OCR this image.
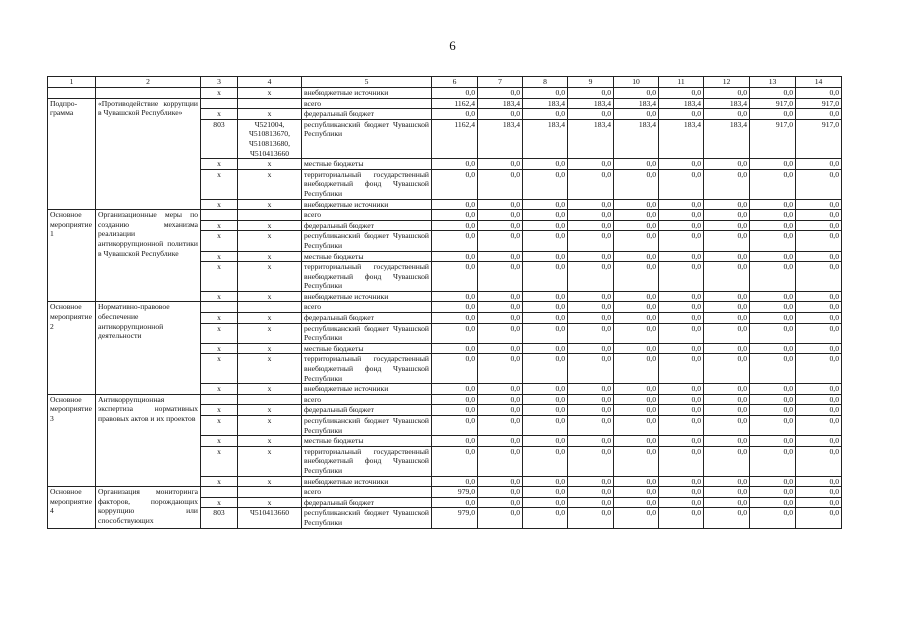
6
1	2	3	4	5	6	7	8	9	10	11	12	13	14
		x	x	внебюджетные источники	0,0	0,0	0,0	0,0	0,0	0,0	0,0	0,0	0,0
Подпро-грамма	«Противодействие коррупции в Чувашской Республике»			всего	1162,4	183,4	183,4	183,4	183,4	183,4	183,4	917,0	917,0
		x	x	федеральный бюджет	0,0	0,0	0,0	0,0	0,0	0,0	0,0	0,0	0,0
		803	Ч521004, Ч510813670, Ч510813680, Ч510413660	республиканский бюджет Чувашской Республики	1162,4	183,4	183,4	183,4	183,4	183,4	183,4	917,0	917,0
		x	x	местные бюджеты	0,0	0,0	0,0	0,0	0,0	0,0	0,0	0,0	0,0
		x	x	территориальный государственный внебюджетный фонд Чувашской Республики	0,0	0,0	0,0	0,0	0,0	0,0	0,0	0,0	0,0
		x	x	внебюджетные источники	0,0	0,0	0,0	0,0	0,0	0,0	0,0	0,0	0,0
Основное мероприятие 1	Организационные меры по созданию механизма реализации антикоррупционной политики в Чувашской Республике			всего	0,0	0,0	0,0	0,0	0,0	0,0	0,0	0,0	0,0
		x	x	федеральный бюджет	0,0	0,0	0,0	0,0	0,0	0,0	0,0	0,0	0,0
		x	x	республиканский бюджет Чувашской Республики	0,0	0,0	0,0	0,0	0,0	0,0	0,0	0,0	0,0
		x	x	местные бюджеты	0,0	0,0	0,0	0,0	0,0	0,0	0,0	0,0	0,0
		x	x	территориальный государственный внебюджетный фонд Чувашской Республики	0,0	0,0	0,0	0,0	0,0	0,0	0,0	0,0	0,0
		x	x	внебюджетные источники	0,0	0,0	0,0	0,0	0,0	0,0	0,0	0,0	0,0
Основное мероприятие 2	Нормативно-правовое обеспечение антикоррупционной деятельности			всего	0,0	0,0	0,0	0,0	0,0	0,0	0,0	0,0	0,0
		x	x	федеральный бюджет	0,0	0,0	0,0	0,0	0,0	0,0	0,0	0,0	0,0
		x	x	республиканский бюджет Чувашской Республики	0,0	0,0	0,0	0,0	0,0	0,0	0,0	0,0	0,0
		x	x	местные бюджеты	0,0	0,0	0,0	0,0	0,0	0,0	0,0	0,0	0,0
		x	x	территориальный государственный внебюджетный фонд Чувашской Республики	0,0	0,0	0,0	0,0	0,0	0,0	0,0	0,0	0,0
		x	x	внебюджетные источники	0,0	0,0	0,0	0,0	0,0	0,0	0,0	0,0	0,0
Основное мероприятие 3	Антикоррупционная экспертиза нормативных правовых актов и их проектов			всего	0,0	0,0	0,0	0,0	0,0	0,0	0,0	0,0	0,0
		x	x	федеральный бюджет	0,0	0,0	0,0	0,0	0,0	0,0	0,0	0,0	0,0
		x	x	республиканский бюджет Чувашской Республики	0,0	0,0	0,0	0,0	0,0	0,0	0,0	0,0	0,0
		x	x	местные бюджеты	0,0	0,0	0,0	0,0	0,0	0,0	0,0	0,0	0,0
		x	x	территориальный государственный внебюджетный фонд Чувашской Республики	0,0	0,0	0,0	0,0	0,0	0,0	0,0	0,0	0,0
		x	x	внебюджетные источники	0,0	0,0	0,0	0,0	0,0	0,0	0,0	0,0	0,0
Основное мероприятие 4	Организация мониторинга факторов, порождающих коррупцию или способствующих			всего	979,0	0,0	0,0	0,0	0,0	0,0	0,0	0,0	0,0
		x	x	федеральный бюджет	0,0	0,0	0,0	0,0	0,0	0,0	0,0	0,0	0,0
		803	Ч510413660	республиканский бюджет Чувашской Республики	979,0	0,0	0,0	0,0	0,0	0,0	0,0	0,0	0,0
